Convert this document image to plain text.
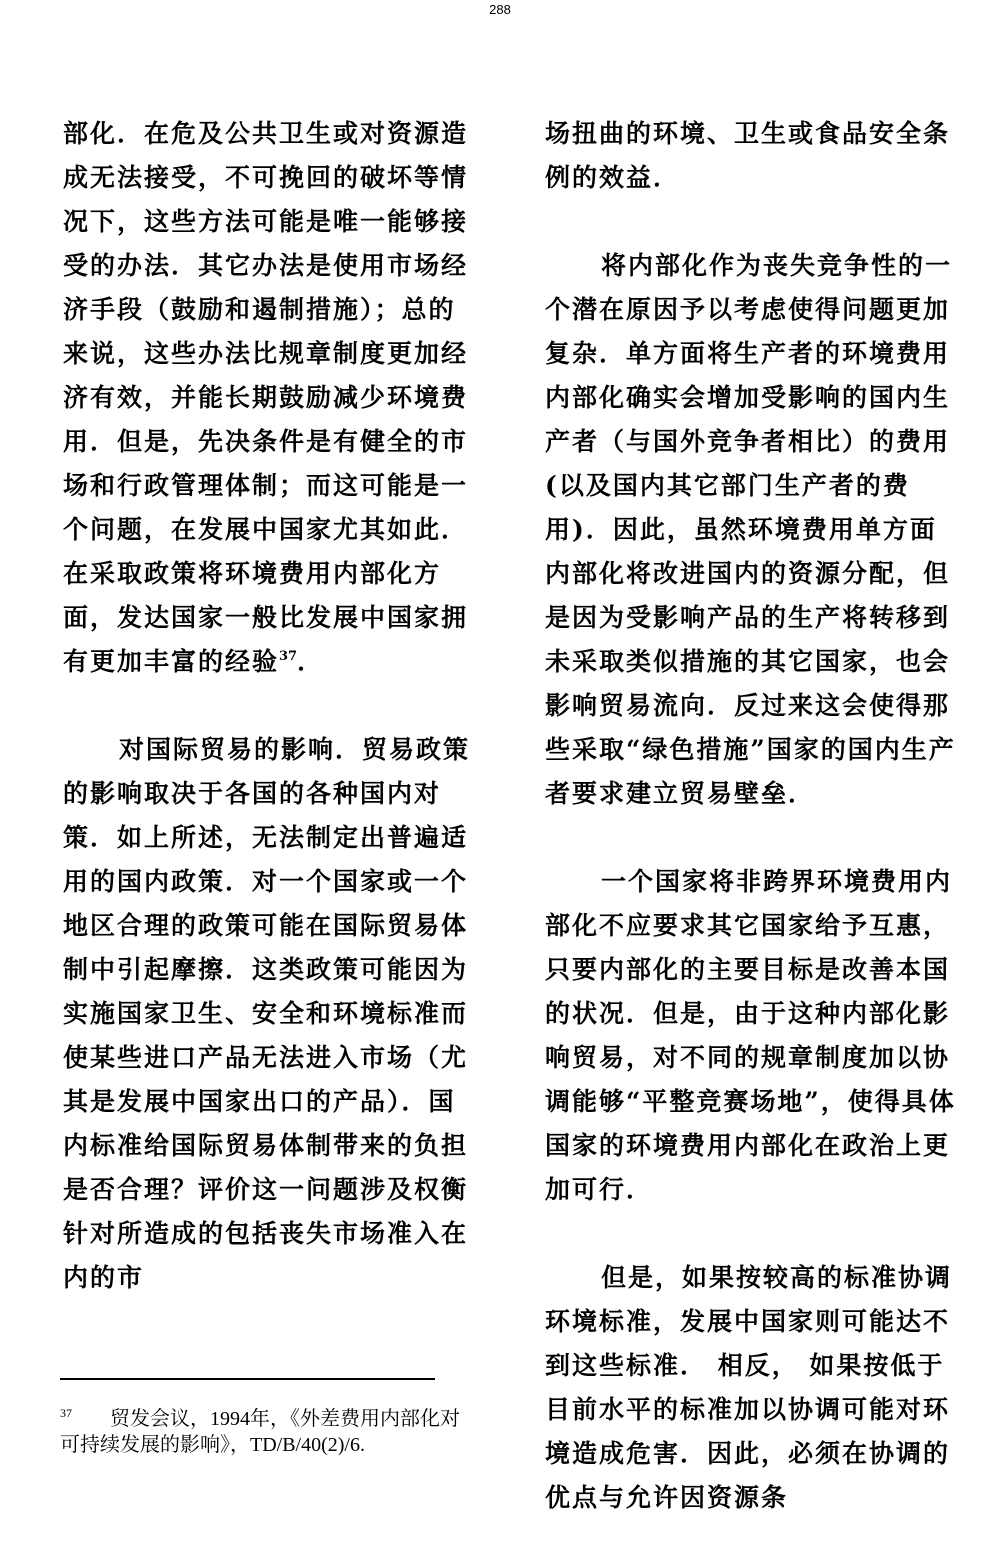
288

部化．在危及公共卫生或对资源造成无法接受，不可挽回的破坏等情况下，这些方法可能是唯一能够接受的办法．其它办法是使用市场经济手段（鼓励和遏制措施）；总的来说，这些办法比规章制度更加经济有效，并能长期鼓励减少环境费用．但是，先决条件是有健全的市场和行政管理体制；而这可能是一个问题，在发展中国家尤其如此．在采取政策将环境费用内部化方面，发达国家一般比发展中国家拥有更加丰富的经验$^{37}$．

对国际贸易的影响．贸易政策的影响取决于各国的各种国内对策．如上所述，无法制定出普遍适用的国内政策．对一个国家或一个地区合理的政策可能在国际贸易体制中引起摩擦．这类政策可能因为实施国家卫生、安全和环境标准而使某些进口产品无法进入市场（尤其是发展中国家出口的产品）．国内标准给国际贸易体制带来的负担是否合理？评价这一问题涉及权衡针对所造成的包括丧失市场准入在内的市

场扭曲的环境、卫生或食品安全条例的效益．

将内部化作为丧失竞争性的一个潜在原因予以考虑使得问题更加复杂．单方面将生产者的环境费用内部化确实会增加受影响的国内生产者（与国外竞争者相比）的费用(以及国内其它部门生产者的费用)．因此，虽然环境费用单方面内部化将改进国内的资源分配，但是因为受影响产品的生产将转移到未采取类似措施的其它国家，也会影响贸易流向．反过来这会使得那些采取“绿色措施”国家的国内生产者要求建立贸易壁垒．

一个国家将非跨界环境费用内部化不应要求其它国家给予互惠，只要内部化的主要目标是改善本国的状况．但是，由于这种内部化影响贸易，对不同的规章制度加以协调能够“平整竞赛场地”，使得具体国家的环境费用内部化在政治上更加可行．

但是，如果按较高的标准协调环境标准，发展中国家则可能达不到这些标准． 相反， 如果按低于目前水平的标准加以协调可能对环境造成危害．因此，必须在协调的优点与允许因资源条

$^{37}$ 贸发会议，1994年，《外差费用内部化对可持续发展的影响》，TD/B/40(2)/6.
